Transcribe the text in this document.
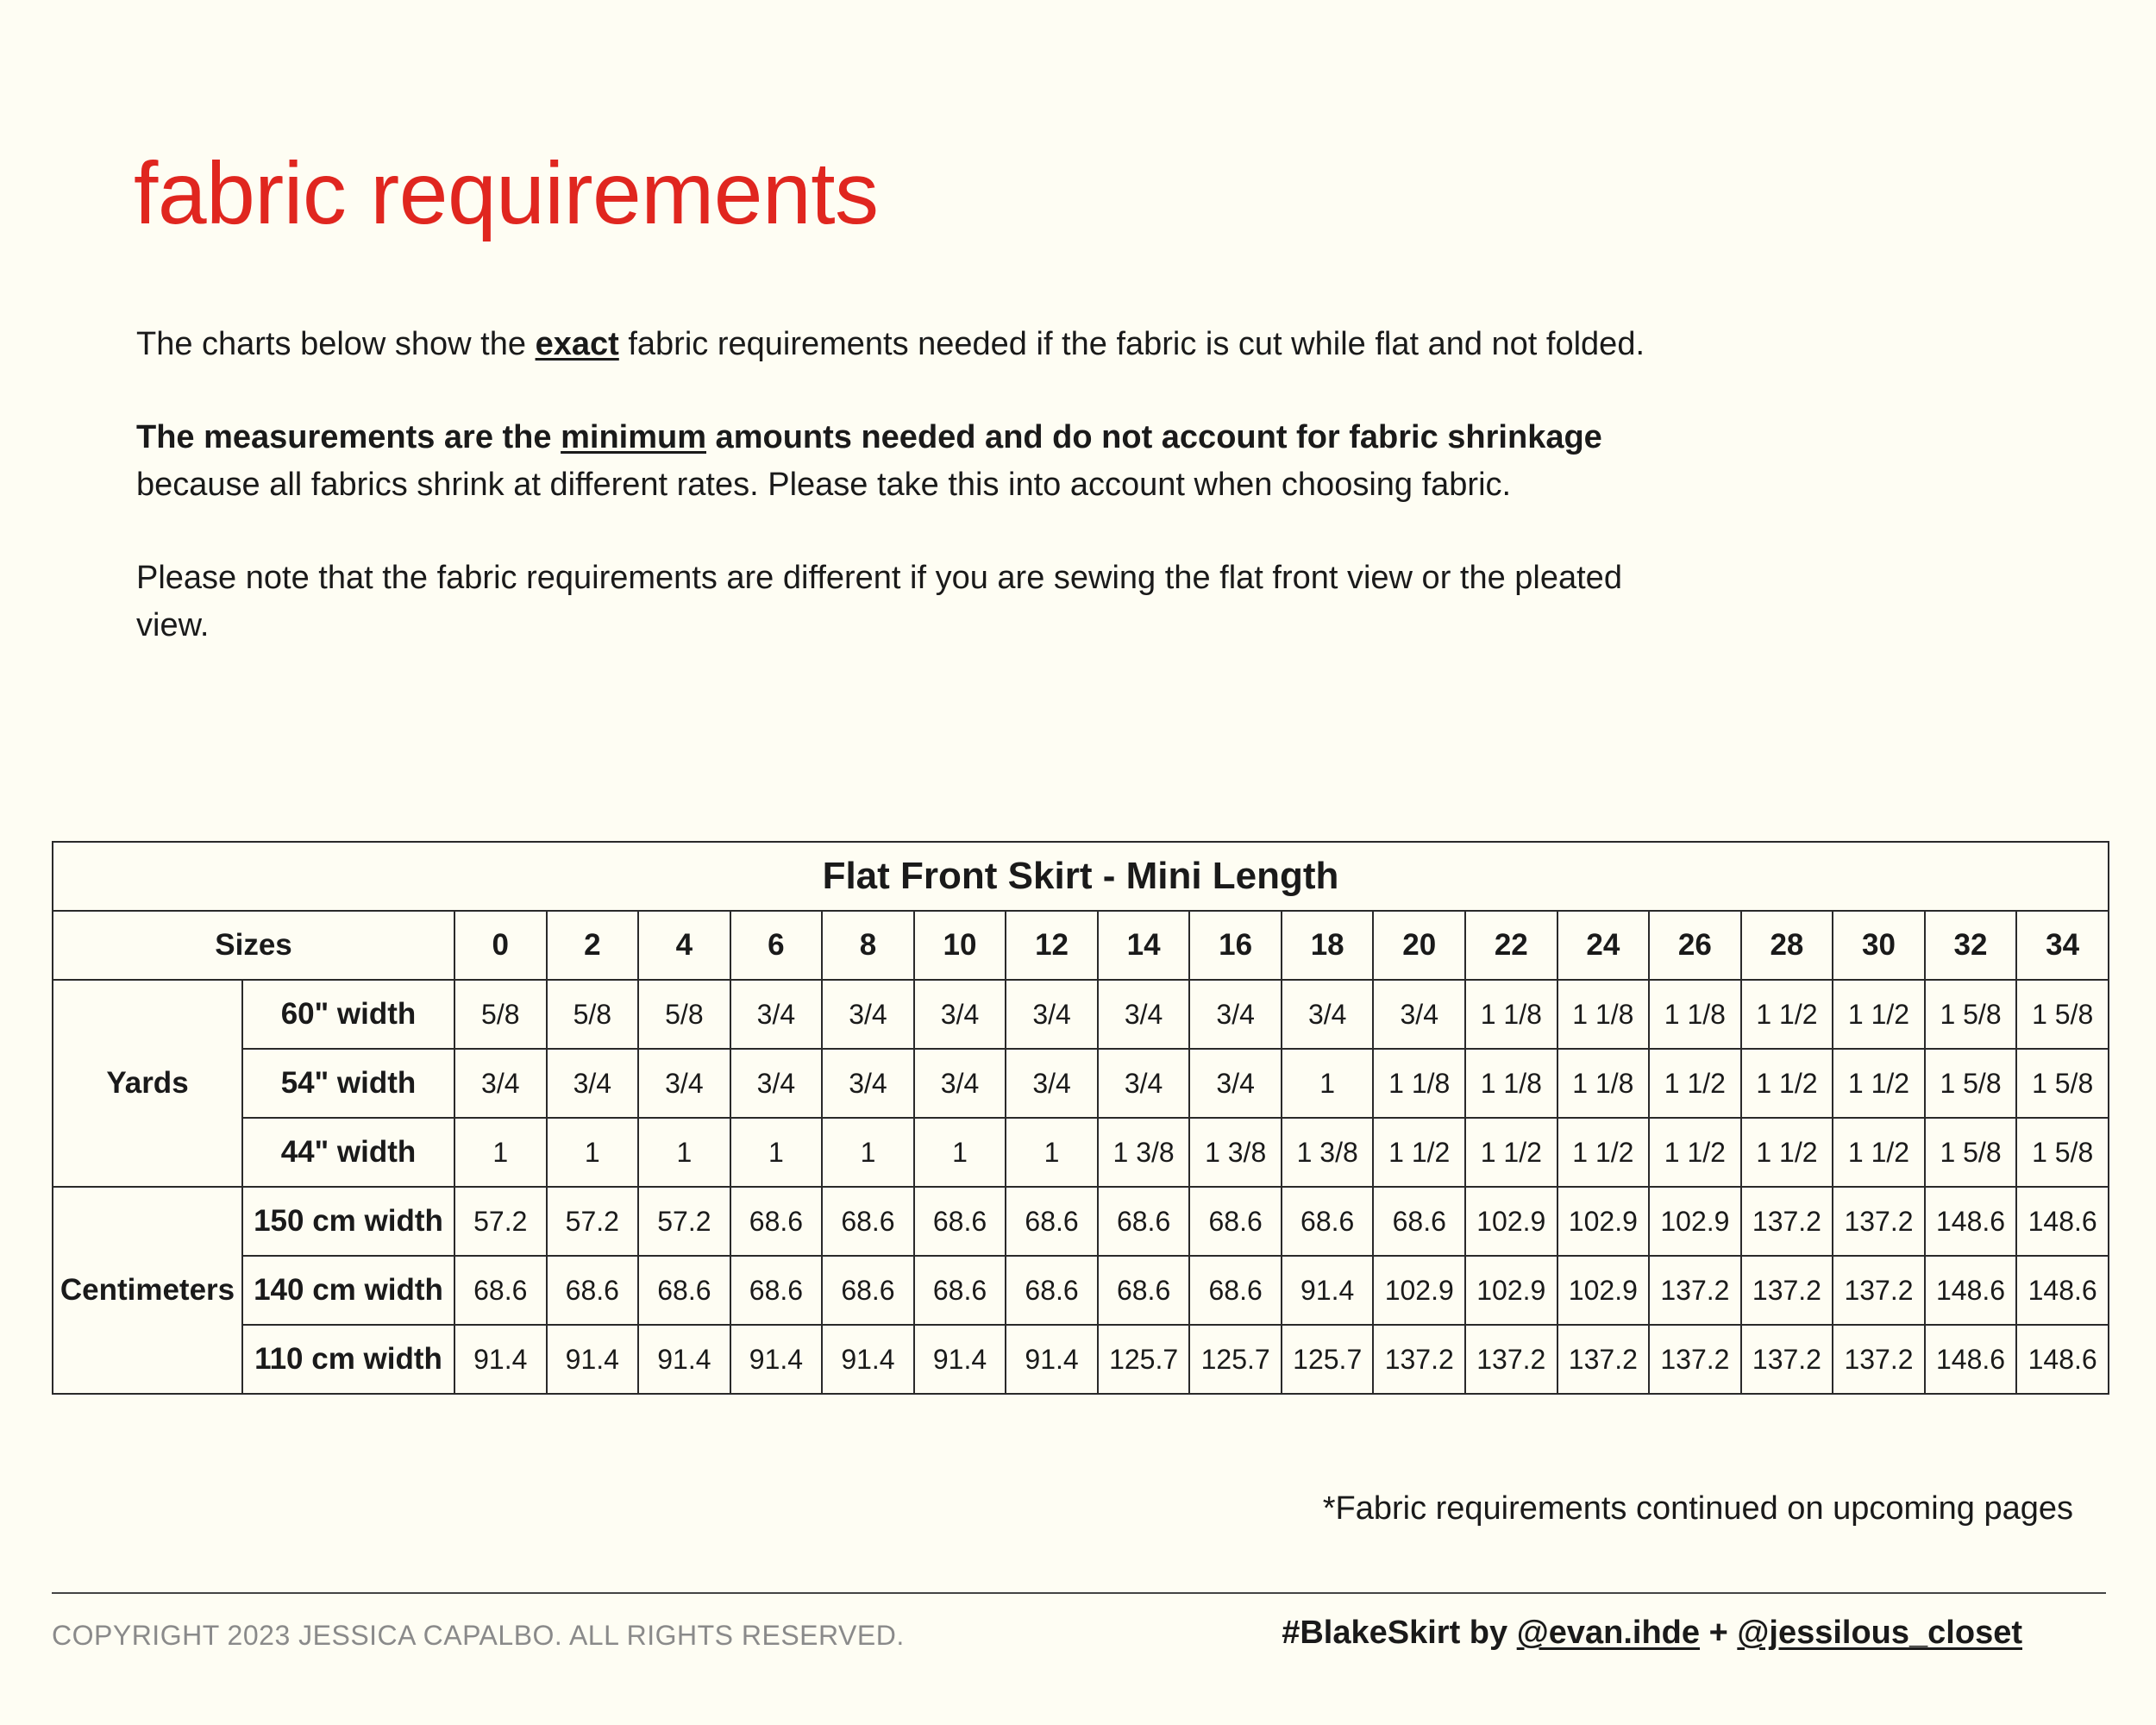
fabric requirements

The charts below show the exact fabric requirements needed if the fabric is cut while flat and not folded.

The measurements are the minimum amounts needed and do not account for fabric shrinkage because all fabrics shrink at different rates. Please take this into account when choosing fabric.

Please note that the fabric requirements are different if you are sewing the flat front view or the pleated view.

Flat Front Skirt - Mini Length																			
Sizes		0	2	4	6	8	10	12	14	16	18	20	22	24	26	28	30	32	34
Yards	60" width	5/8	5/8	5/8	3/4	3/4	3/4	3/4	3/4	3/4	3/4	3/4	1 1/8	1 1/8	1 1/8	1 1/2	1 1/2	1 5/8	1 5/8
	54" width	3/4	3/4	3/4	3/4	3/4	3/4	3/4	3/4	3/4	1	1 1/8	1 1/8	1 1/8	1 1/2	1 1/2	1 1/2	1 5/8	1 5/8
	44" width	1	1	1	1	1	1	1	1 3/8	1 3/8	1 3/8	1 1/2	1 1/2	1 1/2	1 1/2	1 1/2	1 1/2	1 5/8	1 5/8
Centimeters	150 cm width	57.2	57.2	57.2	68.6	68.6	68.6	68.6	68.6	68.6	68.6	68.6	102.9	102.9	102.9	137.2	137.2	148.6	148.6
	140 cm width	68.6	68.6	68.6	68.6	68.6	68.6	68.6	68.6	68.6	91.4	102.9	102.9	102.9	137.2	137.2	137.2	148.6	148.6
	110 cm width	91.4	91.4	91.4	91.4	91.4	91.4	91.4	125.7	125.7	125.7	137.2	137.2	137.2	137.2	137.2	137.2	148.6	148.6
*Fabric requirements continued on upcoming pages
COPYRIGHT 2023 JESSICA CAPALBO. ALL RIGHTS RESERVED.	#BlakeSkirt by @evan.ihde + @jessilous_closet
